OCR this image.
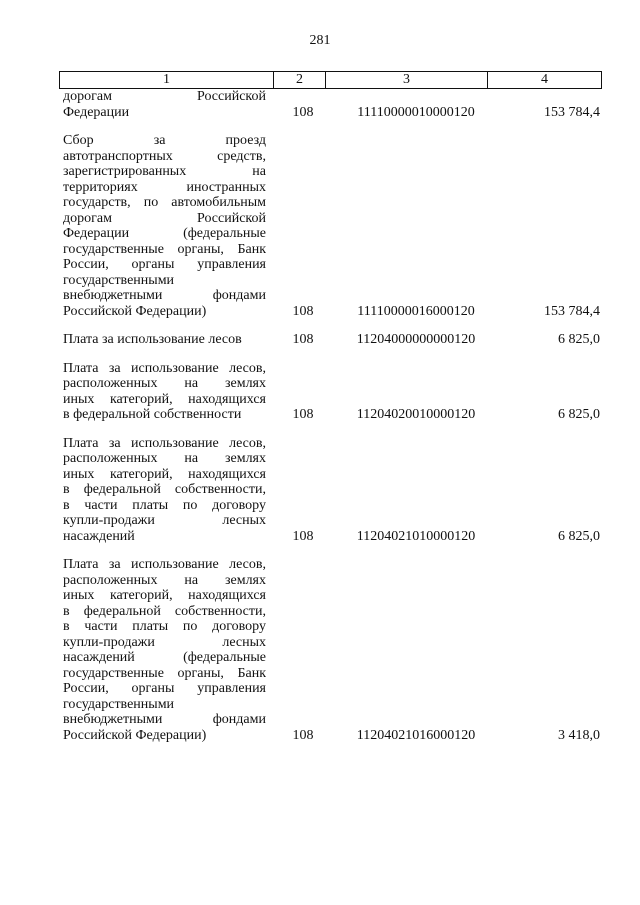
281
1	2	3	4
дорогам Российской
Федерации	108	11110000010000120	153 784,4
Сбор за проезд
автотранспортных средств,
зарегистрированных на
территориях иностранных
государств, по автомобильным
дорогам Российской
Федерации (федеральные
государственные органы, Банк
России, органы управления
государственными
внебюджетными фондами
Российской Федерации)	108	11110000016000120	153 784,4
Плата за использование лесов	108	11204000000000120	6 825,0
Плата за использование лесов,
расположенных на землях
иных категорий, находящихся
в федеральной собственности	108	11204020010000120	6 825,0
Плата за использование лесов,
расположенных на землях
иных категорий, находящихся
в федеральной собственности,
в части платы по договору
купли-продажи лесных
насаждений	108	11204021010000120	6 825,0
Плата за использование лесов,
расположенных на землях
иных категорий, находящихся
в федеральной собственности,
в части платы по договору
купли-продажи лесных
насаждений (федеральные
государственные органы, Банк
России, органы управления
государственными
внебюджетными фондами
Российской Федерации)	108	11204021016000120	3 418,0
